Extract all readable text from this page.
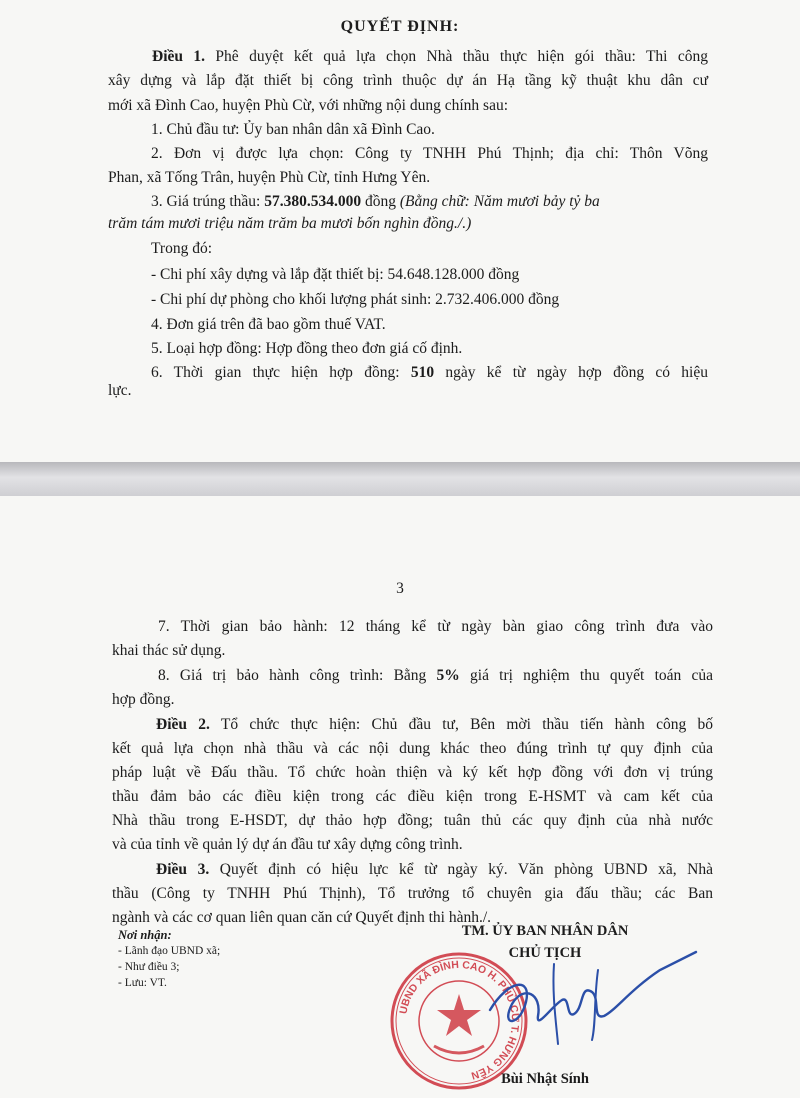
QUYẾT ĐỊNH:

Điều 1. Phê duyệt kết quả lựa chọn Nhà thầu thực hiện gói thầu: Thi công

xây dựng và lắp đặt thiết bị công trình thuộc dự án Hạ tầng kỹ thuật khu dân cư

mới xã Đình Cao, huyện Phù Cừ, với những nội dung chính sau:

1. Chủ đầu tư: Ủy ban nhân dân xã Đình Cao.

2. Đơn vị được lựa chọn: Công ty TNHH Phú Thịnh; địa chỉ: Thôn Võng

Phan, xã Tống Trân, huyện Phù Cừ, tỉnh Hưng Yên.

3. Giá trúng thầu: 57.380.534.000 đồng (Bằng chữ: Năm mươi bảy tỷ ba

trăm tám mươi triệu năm trăm ba mươi bốn nghìn đồng./.)

Trong đó:

- Chi phí xây dựng và lắp đặt thiết bị: 54.648.128.000 đồng

- Chi phí dự phòng cho khối lượng phát sinh: 2.732.406.000 đồng

4. Đơn giá trên đã bao gồm thuế VAT.

5. Loại hợp đồng: Hợp đồng theo đơn giá cố định.

6. Thời gian thực hiện hợp đồng: 510 ngày kể từ ngày hợp đồng có hiệu

lực.

3

7. Thời gian bảo hành: 12 tháng kể từ ngày bàn giao công trình đưa vào

khai thác sử dụng.

8. Giá trị bảo hành công trình: Bằng 5% giá trị nghiệm thu quyết toán của

hợp đồng.

Điều 2. Tổ chức thực hiện: Chủ đầu tư, Bên mời thầu tiến hành công bố

kết quả lựa chọn nhà thầu và các nội dung khác theo đúng trình tự quy định của

pháp luật về Đấu thầu. Tổ chức hoàn thiện và ký kết hợp đồng với đơn vị trúng

thầu đảm bảo các điều kiện trong các điều kiện trong E-HSMT và cam kết của

Nhà thầu trong E-HSDT, dự thảo hợp đồng; tuân thủ các quy định của nhà nước

và của tỉnh về quản lý dự án đầu tư xây dựng công trình.

Điều 3. Quyết định có hiệu lực kể từ ngày ký. Văn phòng UBND xã, Nhà

thầu (Công ty TNHH Phú Thịnh), Tổ trưởng tổ chuyên gia đấu thầu; các Ban

ngành và các cơ quan liên quan căn cứ Quyết định thi hành./.

Nơi nhận:
- Lãnh đạo UBND xã;
- Như điều 3;
- Lưu: VT.
TM. ỦY BAN NHÂN DÂN
CHỦ TỊCH
UBND XÃ ĐÌNH CAO H. PHÙ CỪ T. HƯNG YÊN	Bùi Nhật Sính
